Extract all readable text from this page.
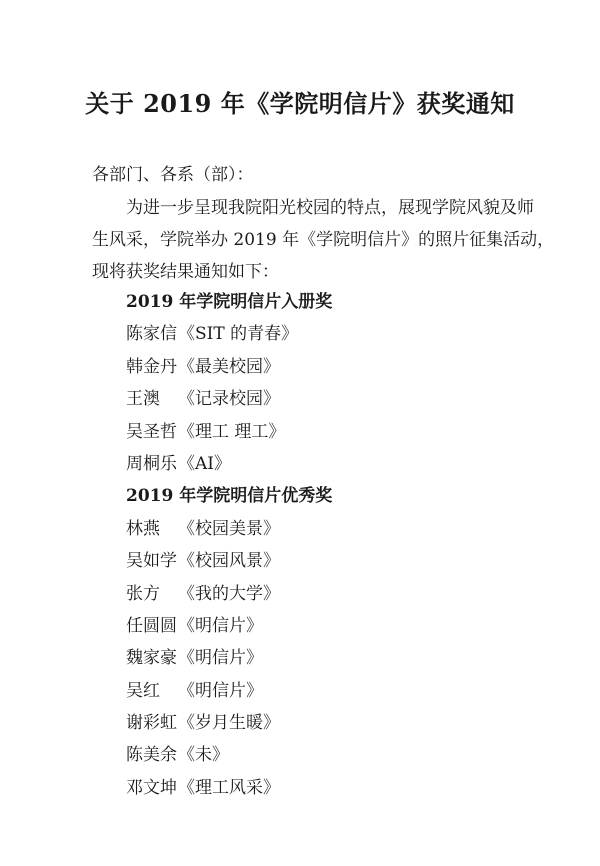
关于 2019 年《学院明信片》获奖通知

各部门、各系（部）：

为进一步呈现我院阳光校园的特点，展现学院风貌及师
生风采，学院举办 2019 年《学院明信片》的照片征集活动，
现将获奖结果通知如下：

2019 年学院明信片入册奖
陈家信《SIT 的青春》
韩金丹《最美校园》
王澳 《记录校园》
吴圣哲《理工 理工》
周桐乐《AI》
2019 年学院明信片优秀奖
林燕 《校园美景》
吴如学《校园风景》
张方 《我的大学》
任圆圆《明信片》
魏家豪《明信片》
吴红 《明信片》
谢彩虹《岁月生暖》
陈美余《未》
邓文坤《理工风采》
